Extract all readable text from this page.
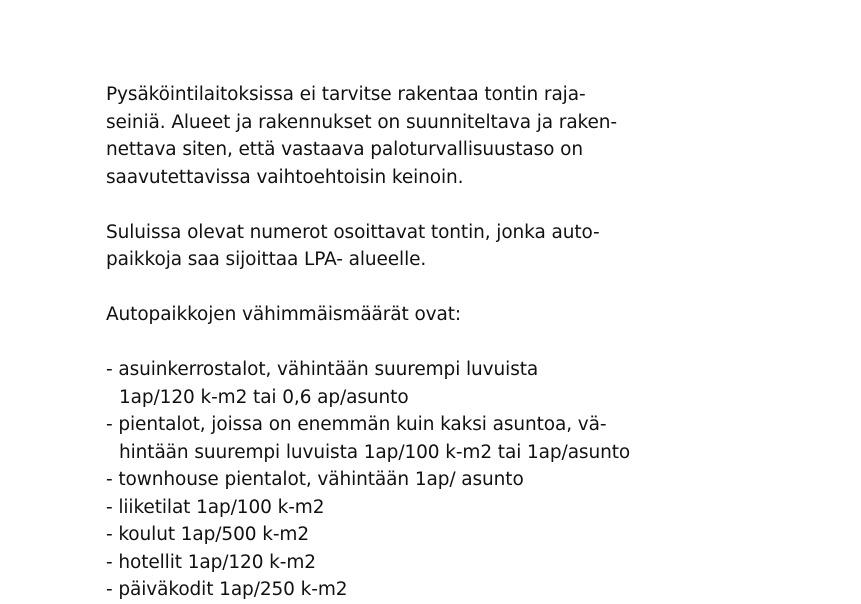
Pysäköintilaitoksissa ei tarvitse rakentaa tontin raja-
seiniä. Alueet ja rakennukset on suunniteltava ja raken-
nettava siten, että vastaava paloturvallisuustaso on
saavutettavissa vaihtoehtoisin keinoin.
Suluissa olevat numerot osoittavat tontin, jonka auto-
paikkoja saa sijoittaa LPA- alueelle.
Autopaikkojen vähimmäismäärät ovat:
- asuinkerrostalot, vähintään suurempi luvuista
1ap/120 k-m2 tai 0,6 ap/asunto
- pientalot, joissa on enemmän kuin kaksi asuntoa, vä-
hintään suurempi luvuista 1ap/100 k-m2 tai 1ap/asunto
- townhouse pientalot, vähintään 1ap/ asunto
- liiketilat 1ap/100 k-m2
- koulut 1ap/500 k-m2
- hotellit 1ap/120 k-m2
- päiväkodit 1ap/250 k-m2
